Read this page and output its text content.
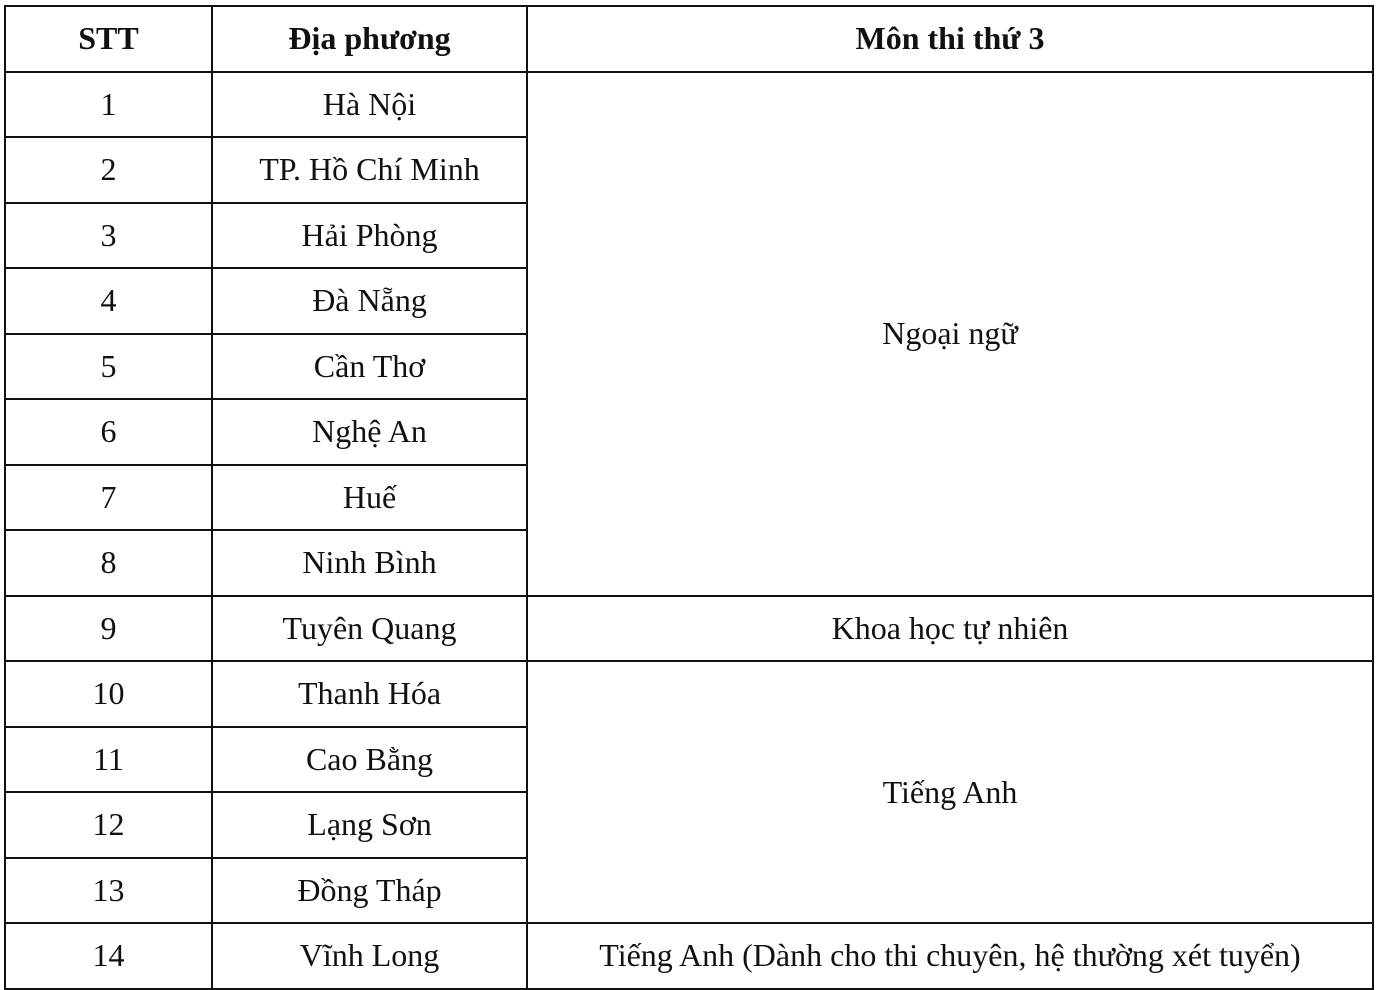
STT	Địa phương	Môn thi thứ 3
1	Hà Nội	Ngoại ngữ
2	TP. Hồ Chí Minh	
3	Hải Phòng	
4	Đà Nẵng	
5	Cần Thơ	
6	Nghệ An	
7	Huế	
8	Ninh Bình	
9	Tuyên Quang	Khoa học tự nhiên
10	Thanh Hóa	Tiếng Anh
11	Cao Bằng	
12	Lạng Sơn	
13	Đồng Tháp	
14	Vĩnh Long	Tiếng Anh (Dành cho thi chuyên, hệ thường xét tuyển)
